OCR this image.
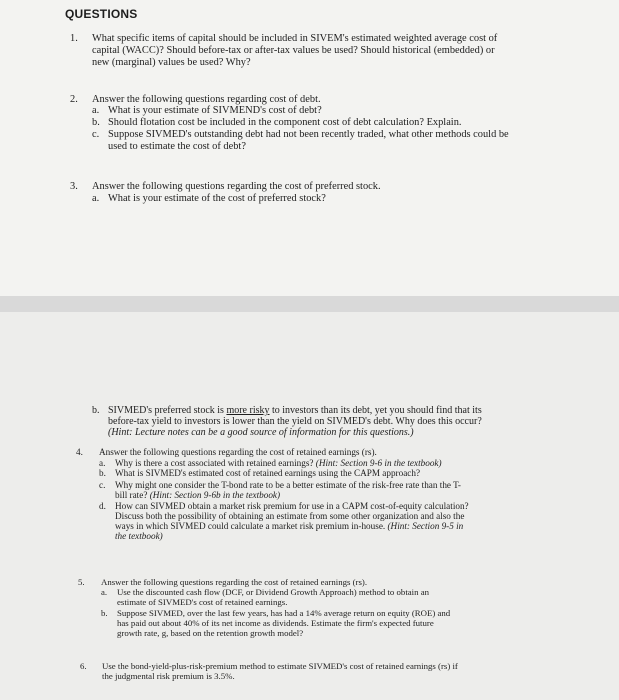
QUESTIONS
1. What specific items of capital should be included in SIVEM's estimated weighted average cost of
capital (WACC)? Should before-tax or after-tax values be used? Should historical (embedded) or
new (marginal) values be used? Why?
2. Answer the following questions regarding cost of debt.
a. What is your estimate of SIVMEND's cost of debt?
b. Should flotation cost be included in the component cost of debt calculation? Explain.
c. Suppose SIVMED's outstanding debt had not been recently traded, what other methods could be
used to estimate the cost of debt?
3. Answer the following questions regarding the cost of preferred stock.
a. What is your estimate of the cost of preferred stock?
b. SIVMED's preferred stock is more risky to investors than its debt, yet you should find that its
before-tax yield to investors is lower than the yield on SIVMED's debt. Why does this occur?
(Hint: Lecture notes can be a good source of information for this questions.)
4. Answer the following questions regarding the cost of retained earnings (rs).
a. Why is there a cost associated with retained earnings? (Hint: Section 9-6 in the textbook)
b. What is SIVMED's estimated cost of retained earnings using the CAPM approach?
c. Why might one consider the T-bond rate to be a better estimate of the risk-free rate than the T-
bill rate? (Hint: Section 9-6b in the textbook)
d. How can SIVMED obtain a market risk premium for use in a CAPM cost-of-equity calculation?
Discuss both the possibility of obtaining an estimate from some other organization and also the
ways in which SIVMED could calculate a market risk premium in-house. (Hint: Section 9-5 in
the textbook)
5. Answer the following questions regarding the cost of retained earnings (rs).
a. Use the discounted cash flow (DCF, or Dividend Growth Approach) method to obtain an
estimate of SIVMED's cost of retained earnings.
b. Suppose SIVMED, over the last few years, has had a 14% average return on equity (ROE) and
has paid out about 40% of its net income as dividends. Estimate the firm's expected future
growth rate, g, based on the retention growth model?
6. Use the bond-yield-plus-risk-premium method to estimate SIVMED's cost of retained earnings (rs) if
the judgmental risk premium is 3.5%.
